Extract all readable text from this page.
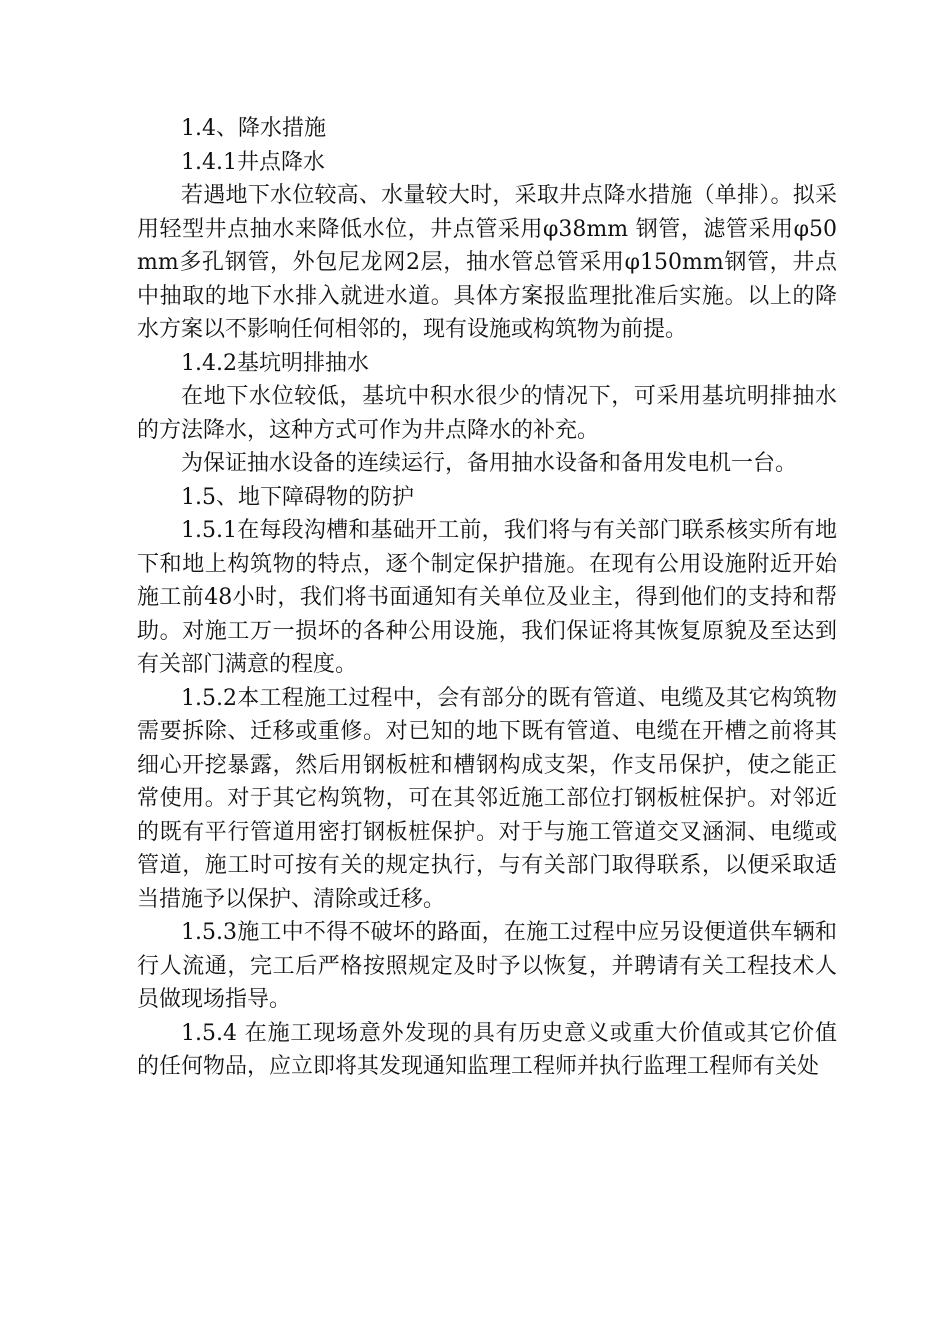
1.4、降水措施

1.4.1井点降水

若遇地下水位较高、水量较大时，采取井点降水措施（单排）。拟采用轻型井点抽水来降低水位，井点管采用φ38mm 钢管，滤管采用φ50mm多孔钢管，外包尼龙网2层，抽水管总管采用φ150mm钢管，井点中抽取的地下水排入就进水道。具体方案报监理批准后实施。以上的降水方案以不影响任何相邻的，现有设施或构筑物为前提。

1.4.2基坑明排抽水

在地下水位较低，基坑中积水很少的情况下，可采用基坑明排抽水的方法降水，这种方式可作为井点降水的补充。

为保证抽水设备的连续运行，备用抽水设备和备用发电机一台。

1.5、地下障碍物的防护

1.5.1在每段沟槽和基础开工前，我们将与有关部门联系核实所有地下和地上构筑物的特点，逐个制定保护措施。在现有公用设施附近开始施工前48小时，我们将书面通知有关单位及业主，得到他们的支持和帮助。对施工万一损坏的各种公用设施，我们保证将其恢复原貌及至达到有关部门满意的程度。

1.5.2本工程施工过程中，会有部分的既有管道、电缆及其它构筑物需要拆除、迁移或重修。对已知的地下既有管道、电缆在开槽之前将其细心开挖暴露，然后用钢板桩和槽钢构成支架，作支吊保护，使之能正常使用。对于其它构筑物，可在其邻近施工部位打钢板桩保护。对邻近的既有平行管道用密打钢板桩保护。对于与施工管道交叉涵洞、电缆或管道，施工时可按有关的规定执行，与有关部门取得联系，以便采取适当措施予以保护、清除或迁移。

1.5.3施工中不得不破坏的路面，在施工过程中应另设便道供车辆和行人流通，完工后严格按照规定及时予以恢复，并聘请有关工程技术人员做现场指导。

1.5.4 在施工现场意外发现的具有历史意义或重大价值或其它价值的任何物品，应立即将其发现通知监理工程师并执行监理工程师有关处
